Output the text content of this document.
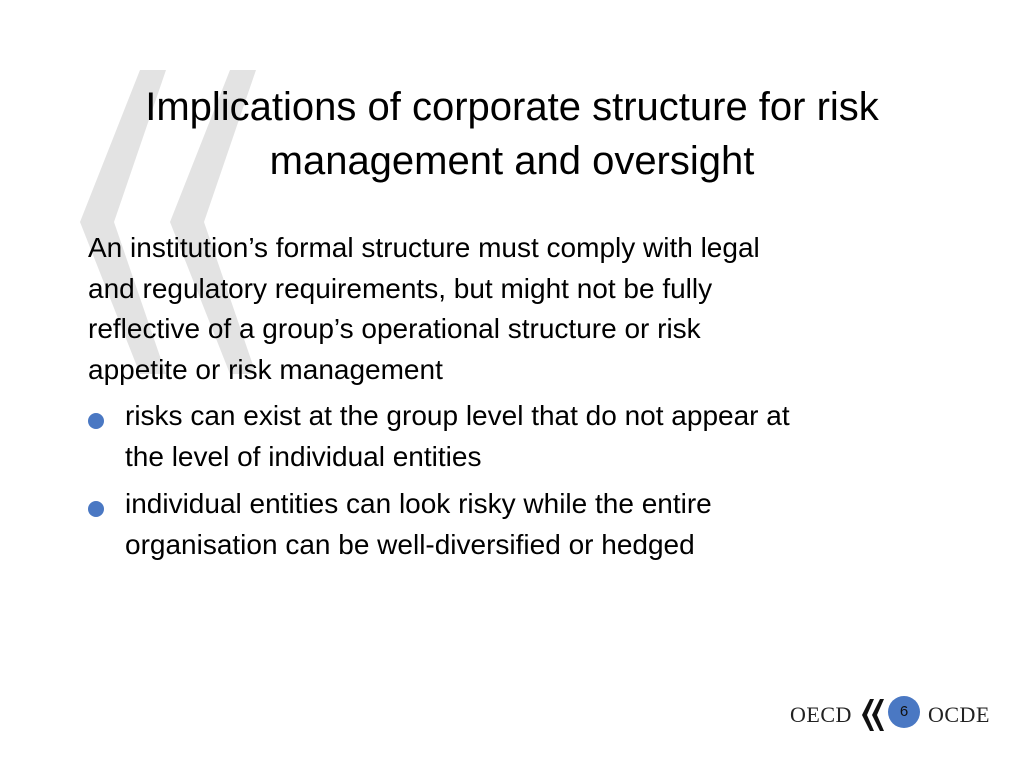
Implications of corporate structure for risk
management and oversight

An institution’s formal structure must comply with legal
and regulatory requirements, but might not be fully
reflective of a group’s operational structure or risk
appetite or risk management

risks can exist at the group level that do not appear at
the level of individual entities
individual entities can look risky while the entire
organisation can be well-diversified or hedged
OECD	6 OCDE
